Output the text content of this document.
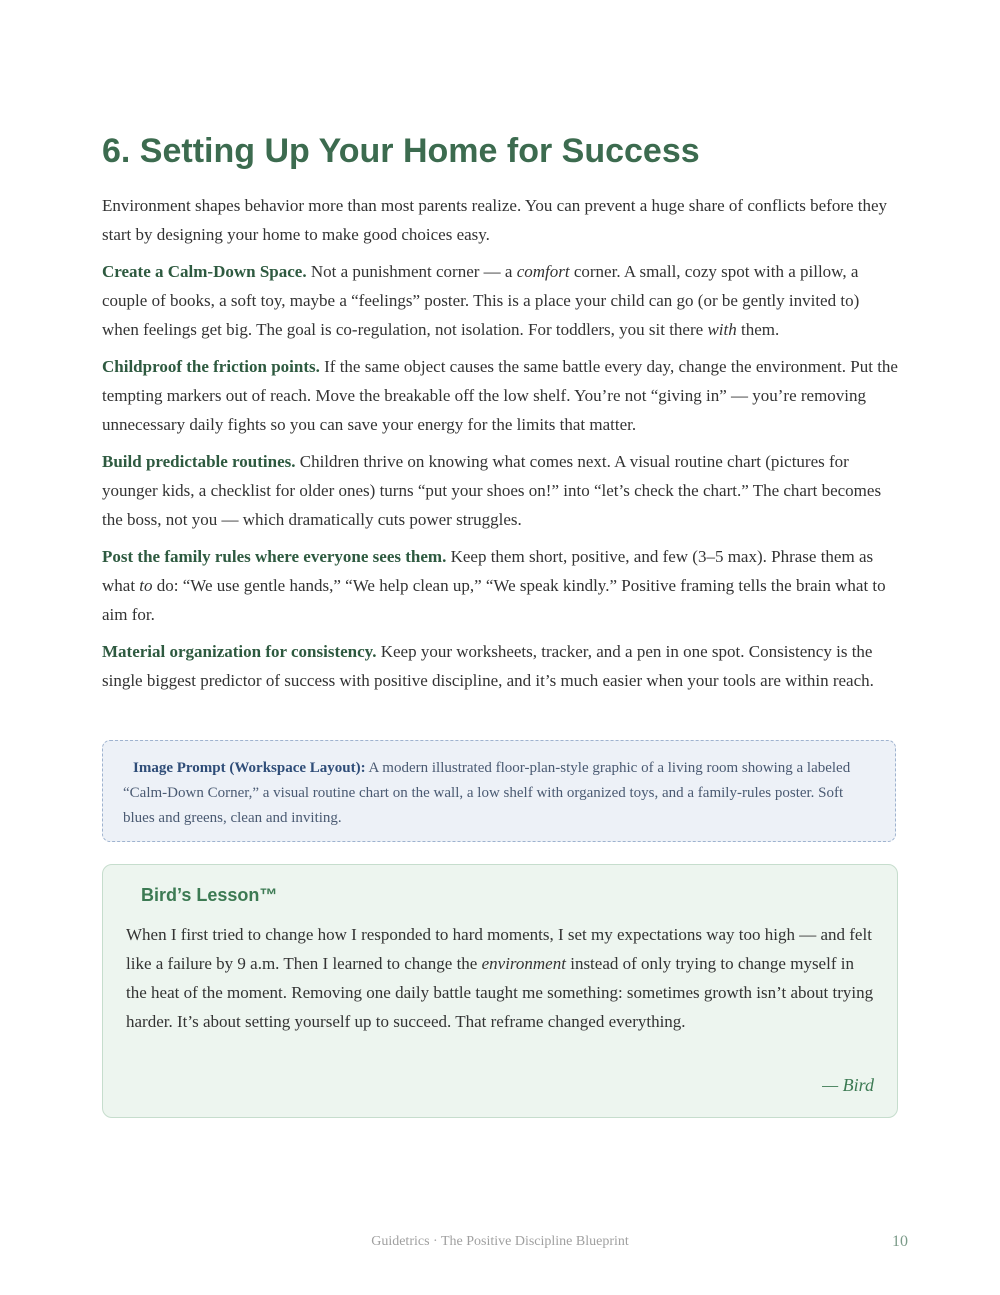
6. Setting Up Your Home for Success

Environment shapes behavior more than most parents realize. You can prevent a huge share of conflicts before they start by designing your home to make good choices easy.

Create a Calm-Down Space. Not a punishment corner — a comfort corner. A small, cozy spot with a pillow, a couple of books, a soft toy, maybe a “feelings” poster. This is a place your child can go (or be gently invited to) when feelings get big. The goal is co-regulation, not isolation. For toddlers, you sit there with them.

Childproof the friction points. If the same object causes the same battle every day, change the environment. Put the tempting markers out of reach. Move the breakable off the low shelf. You’re not “giving in” — you’re removing unnecessary daily fights so you can save your energy for the limits that matter.

Build predictable routines. Children thrive on knowing what comes next. A visual routine chart (pictures for younger kids, a checklist for older ones) turns “put your shoes on!” into “let’s check the chart.” The chart becomes the boss, not you — which dramatically cuts power struggles.

Post the family rules where everyone sees them. Keep them short, positive, and few (3–5 max). Phrase them as what to do: “We use gentle hands,” “We help clean up,” “We speak kindly.” Positive framing tells the brain what to aim for.

Material organization for consistency. Keep your worksheets, tracker, and a pen in one spot. Consistency is the single biggest predictor of success with positive discipline, and it’s much easier when your tools are within reach.

Image Prompt (Workspace Layout): A modern illustrated floor-plan-style graphic of a living room showing a labeled “Calm-Down Corner,” a visual routine chart on the wall, a low shelf with organized toys, and a family-rules poster. Soft blues and greens, clean and inviting.
Bird’s Lesson™

When I first tried to change how I responded to hard moments, I set my expectations way too high — and felt like a failure by 9 a.m. Then I learned to change the environment instead of only trying to change myself in the heat of the moment. Removing one daily battle taught me something: sometimes growth isn’t about trying harder. It’s about setting yourself up to succeed. That reframe changed everything.

— Bird
Guidetrics · The Positive Discipline Blueprint	10
